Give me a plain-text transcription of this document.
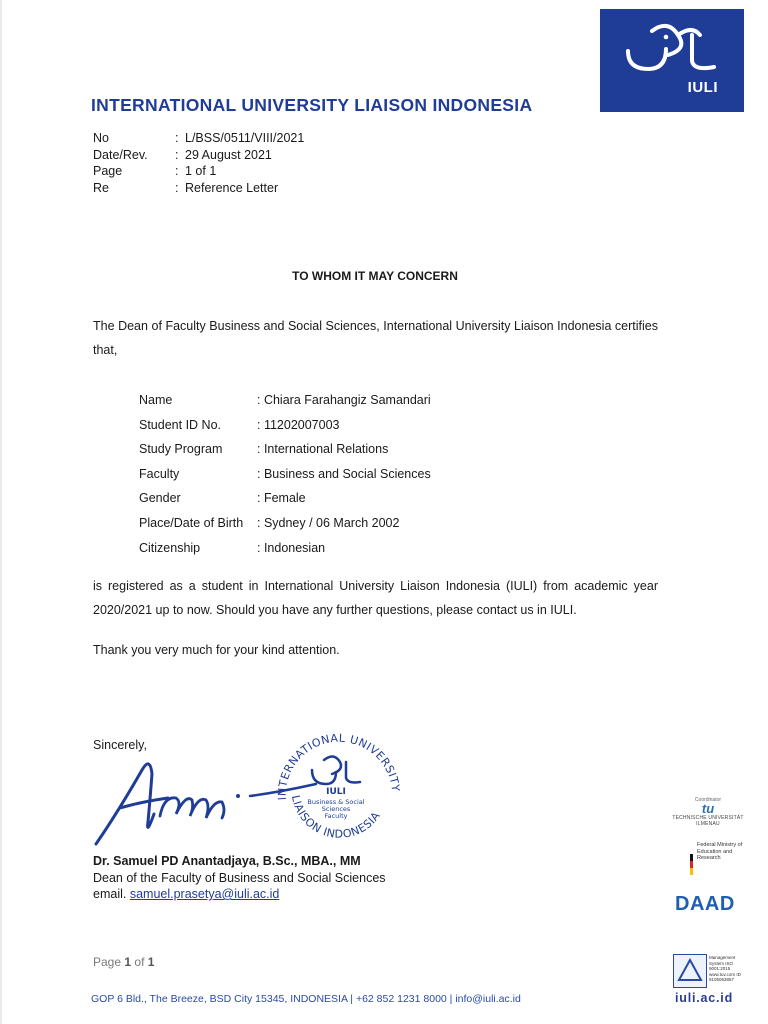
IULI
INTERNATIONAL UNIVERSITY LIAISON INDONESIA
No	: L/BSS/0511/VIII/2021
Date/Rev.	: 29 August 2021
Page	: 1 of 1
Re	: Reference Letter
TO WHOM IT MAY CONCERN
The Dean of Faculty Business and Social Sciences, International University Liaison Indonesia certifies that,
Name	: Chiara Farahangiz Samandari
Student ID No.	: 11202007003
Study Program	: International Relations
Faculty	: Business and Social Sciences
Gender	: Female
Place/Date of Birth	: Sydney / 06 March 2002
Citizenship	: Indonesian
is registered as a student in International University Liaison Indonesia (IULI) from academic year 2020/2021 up to now. Should you have any further questions, please contact us in IULI.
Thank you very much for your kind attention.
Sincerely,
INTERNATIONAL UNIVERSITY
LIAISON INDONESIA
IULI
Business & Social
Sciences
Faculty
Dr. Samuel PD Anantadjaya, B.Sc., MBA., MM
Dean of the Faculty of Business and Social Sciences
email. samuel.prasetya@iuli.ac.id
Coordinator
tu
TECHNISCHE UNIVERSITÄT ILMENAU
Federal Ministry of Education and Research
DAAD
Management System ISO 9001:2015 www.tuv.com ID 9105063857
Page 1 of 1
GOP 6 Bld., The Breeze, BSD City 15345, INDONESIA | +62 852 1231 8000 | info@iuli.ac.id	iuli.ac.id
